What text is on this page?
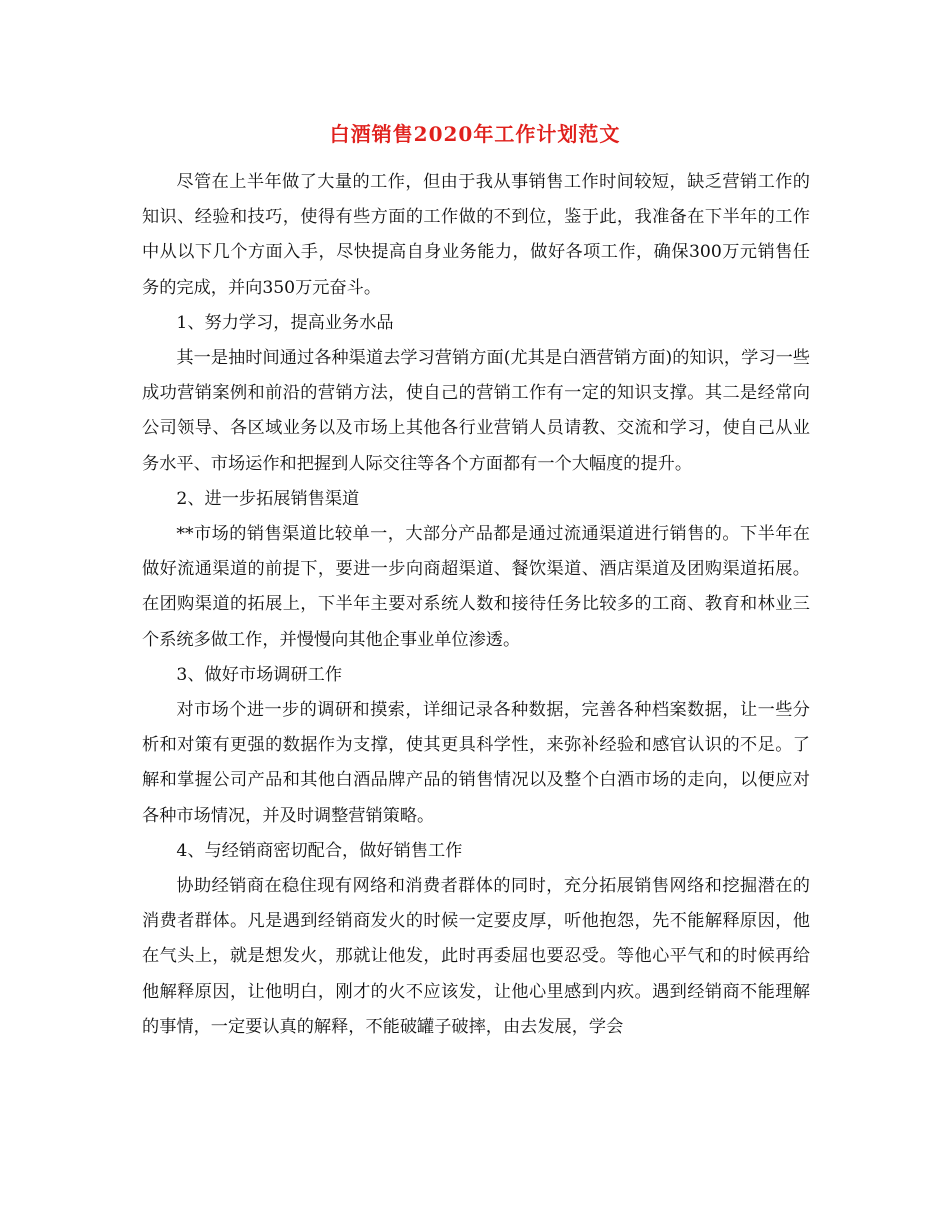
白酒销售2020年工作计划范文

尽管在上半年做了大量的工作，但由于我从事销售工作时间较短，缺乏营销工作的知识、经验和技巧，使得有些方面的工作做的不到位，鉴于此，我准备在下半年的工作中从以下几个方面入手，尽快提高自身业务能力，做好各项工作，确保300万元销售任务的完成，并向350万元奋斗。

1、努力学习，提高业务水品

其一是抽时间通过各种渠道去学习营销方面(尤其是白酒营销方面)的知识，学习一些成功营销案例和前沿的营销方法，使自己的营销工作有一定的知识支撑。其二是经常向公司领导、各区域业务以及市场上其他各行业营销人员请教、交流和学习，使自己从业务水平、市场运作和把握到人际交往等各个方面都有一个大幅度的提升。

2、进一步拓展销售渠道

**市场的销售渠道比较单一，大部分产品都是通过流通渠道进行销售的。下半年在做好流通渠道的前提下，要进一步向商超渠道、餐饮渠道、酒店渠道及团购渠道拓展。在团购渠道的拓展上，下半年主要对系统人数和接待任务比较多的工商、教育和林业三个系统多做工作，并慢慢向其他企事业单位渗透。

3、做好市场调研工作

对市场个进一步的调研和摸索，详细记录各种数据，完善各种档案数据，让一些分析和对策有更强的数据作为支撑，使其更具科学性，来弥补经验和感官认识的不足。了解和掌握公司产品和其他白酒品牌产品的销售情况以及整个白酒市场的走向，以便应对各种市场情况，并及时调整营销策略。

4、与经销商密切配合，做好销售工作

协助经销商在稳住现有网络和消费者群体的同时，充分拓展销售网络和挖掘潜在的消费者群体。凡是遇到经销商发火的时候一定要皮厚，听他抱怨，先不能解释原因，他在气头上，就是想发火，那就让他发，此时再委屈也要忍受。等他心平气和的时候再给他解释原因，让他明白，刚才的火不应该发，让他心里感到内疚。遇到经销商不能理解的事情，一定要认真的解释，不能破罐子破摔，由去发展，学会
